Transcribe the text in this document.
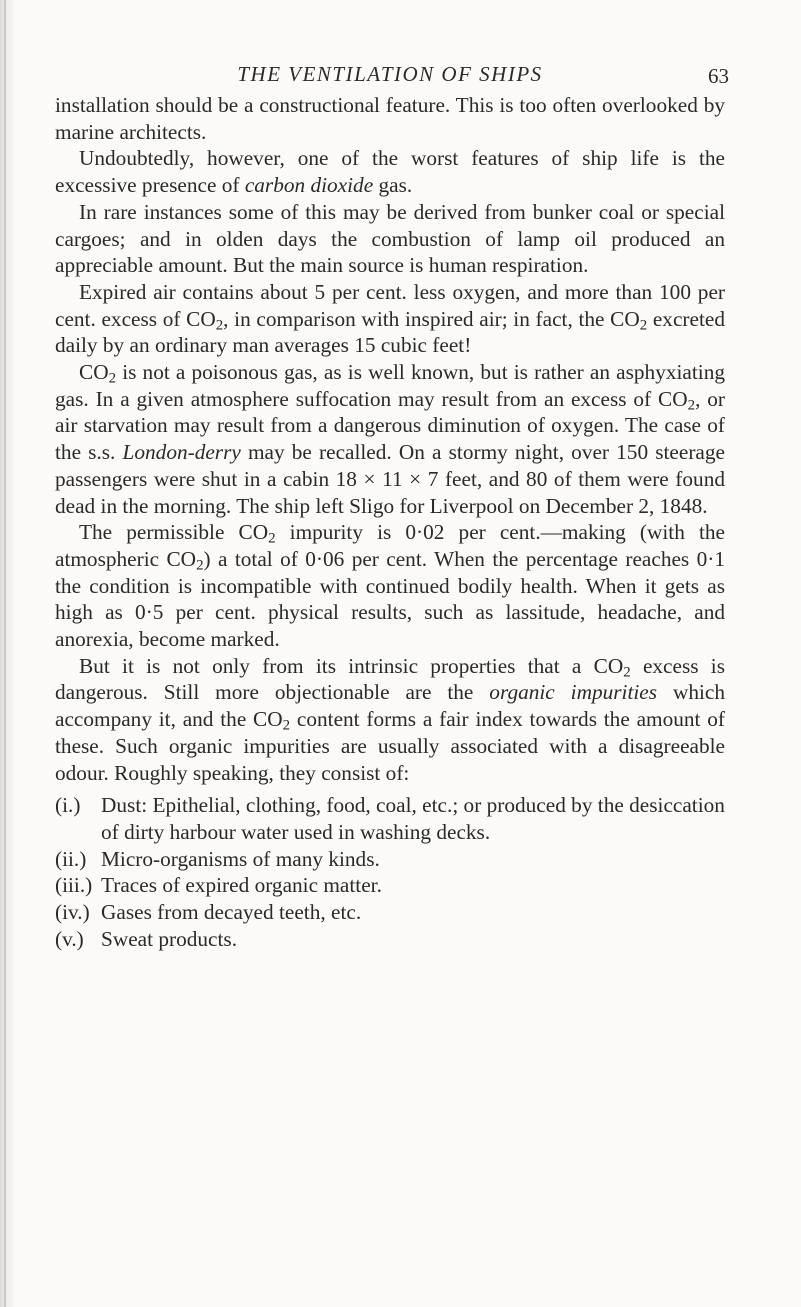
THE VENTILATION OF SHIPS	63

installation should be a constructional feature. This is too often overlooked by marine architects.

Undoubtedly, however, one of the worst features of ship life is the excessive presence of carbon dioxide gas.

In rare instances some of this may be derived from bunker coal or special cargoes; and in olden days the combustion of lamp oil produced an appreciable amount. But the main source is human respiration.

Expired air contains about 5 per cent. less oxygen, and more than 100 per cent. excess of $CO_2$, in comparison with inspired air; in fact, the $CO_2$ excreted daily by an ordinary man averages 15 cubic feet!

$CO_2$ is not a poisonous gas, as is well known, but is rather an asphyxiating gas. In a given atmosphere suffocation may result from an excess of $CO_2$, or air starvation may result from a dangerous diminution of oxygen. The case of the s.s. London-derry may be recalled. On a stormy night, over 150 steerage passengers were shut in a cabin 18 × 11 × 7 feet, and 80 of them were found dead in the morning. The ship left Sligo for Liverpool on December 2, 1848.

The permissible $CO_2$ impurity is 0·02 per cent.—making (with the atmospheric $CO_2$) a total of 0·06 per cent. When the percentage reaches 0·1 the condition is incompatible with continued bodily health. When it gets as high as 0·5 per cent. physical results, such as lassitude, headache, and anorexia, become marked.

But it is not only from its intrinsic properties that a $CO_2$ excess is dangerous. Still more objectionable are the organic impurities which accompany it, and the $CO_2$ content forms a fair index towards the amount of these. Such organic impurities are usually associated with a disagreeable odour. Roughly speaking, they consist of:

(i.) Dust: Epithelial, clothing, food, coal, etc.; or produced by the desiccation of dirty harbour water used in washing decks.
(ii.) Micro-organisms of many kinds.
(iii.) Traces of expired organic matter.
(iv.) Gases from decayed teeth, etc.
(v.) Sweat products.
